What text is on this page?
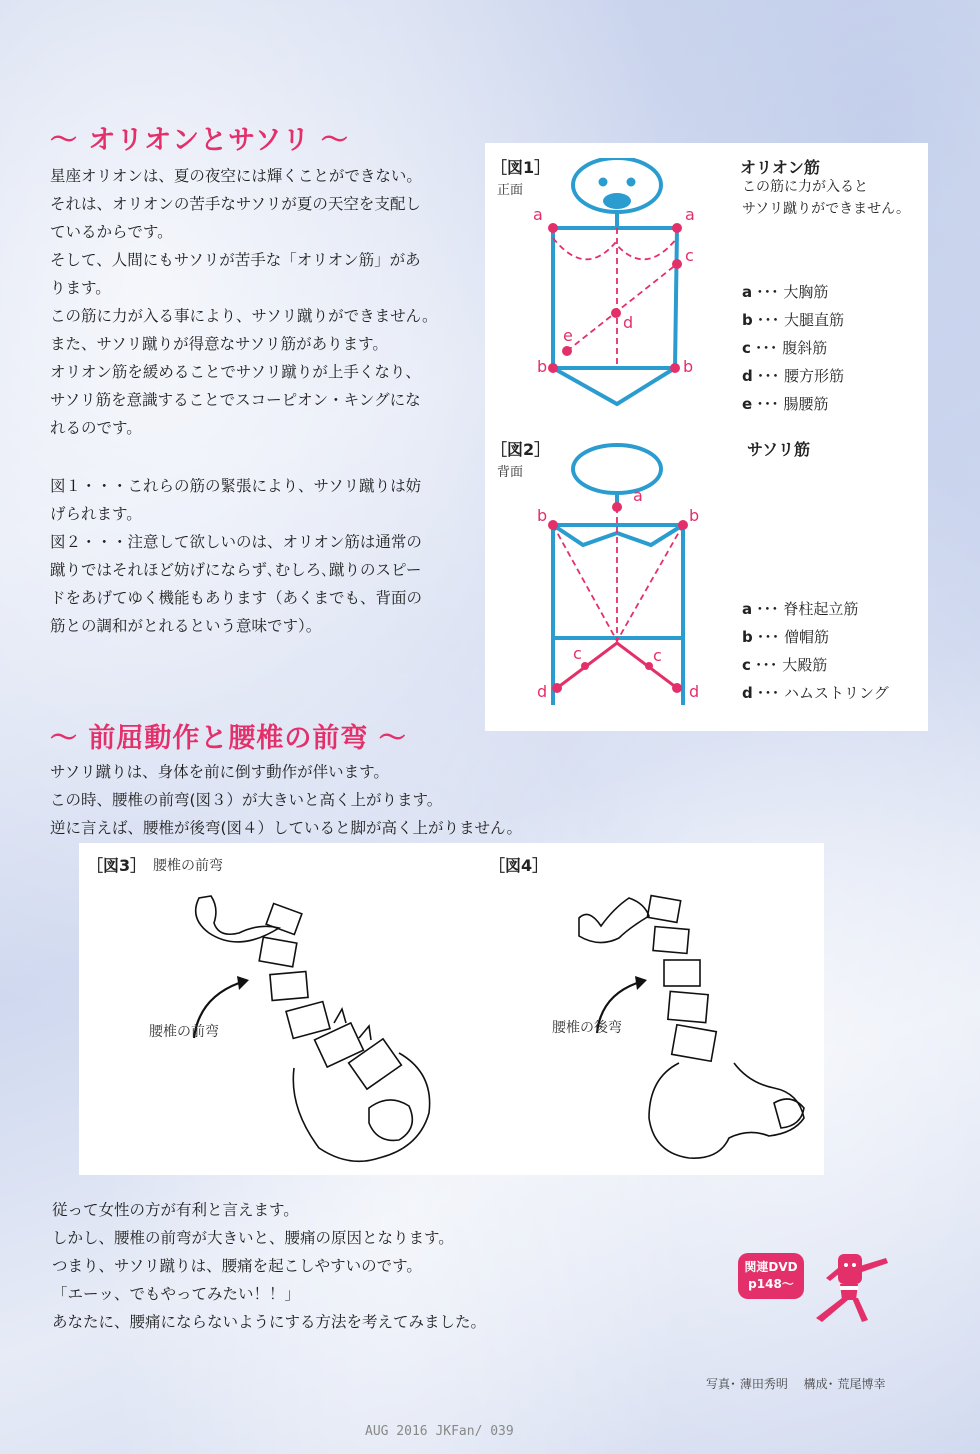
～ オリオンとサソリ ～
星座オリオンは、夏の夜空には輝くことができない。
それは、オリオンの苦手なサソリが夏の天空を支配し
ているからです。
そして、人間にもサソリが苦手な「オリオン筋」があ
ります。
この筋に力が入る事により、サソリ蹴りができません。
また、サソリ蹴りが得意なサソリ筋があります。
オリオン筋を緩めることでサソリ蹴りが上手くなり、
サソリ筋を意識することでスコーピオン・キングにな
れるのです。
図１・・・これらの筋の緊張により、サソリ蹴りは妨
げられます。
図２・・・注意して欲しいのは、オリオン筋は通常の
蹴りではそれほど妨げにならず､むしろ､蹴りのスピー
ドをあげてゆく機能もあります（あくまでも、背面の
筋との調和がとれるという意味です）。
［図1］
正面
オリオン筋
この筋に力が入ると
サソリ蹴りができません。
a	a
c
d
e
b	b
a ･･･ 大胸筋
b ･･･ 大腿直筋
c ･･･ 腹斜筋
d ･･･ 腰方形筋
e ･･･ 腸腰筋
［図2］
背面
サソリ筋
a
b	b
c	c
d	d
a ･･･ 脊柱起立筋
b ･･･ 僧帽筋
c ･･･ 大殿筋
d ･･･ ハムストリング
～ 前屈動作と腰椎の前弯 ～
サソリ蹴りは、身体を前に倒す動作が伴います。
この時、腰椎の前弯(図３）が大きいと高く上がります。
逆に言えば、腰椎が後弯(図４）していると脚が高く上がりません。
［図3］ 腰椎の前弯	［図4］
腰椎の前弯	腰椎の後弯
従って女性の方が有利と言えます。
しかし、腰椎の前弯が大きいと、腰痛の原因となります。
つまり、サソリ蹴りは、腰痛を起こしやすいのです。
「エーッ、でもやってみたい！！」
あなたに、腰痛にならないようにする方法を考えてみました。
関連DVD
p148～
写真･ 薄田秀明　 構成･ 荒尾博幸
AUG 2016 JKFan/ 039
